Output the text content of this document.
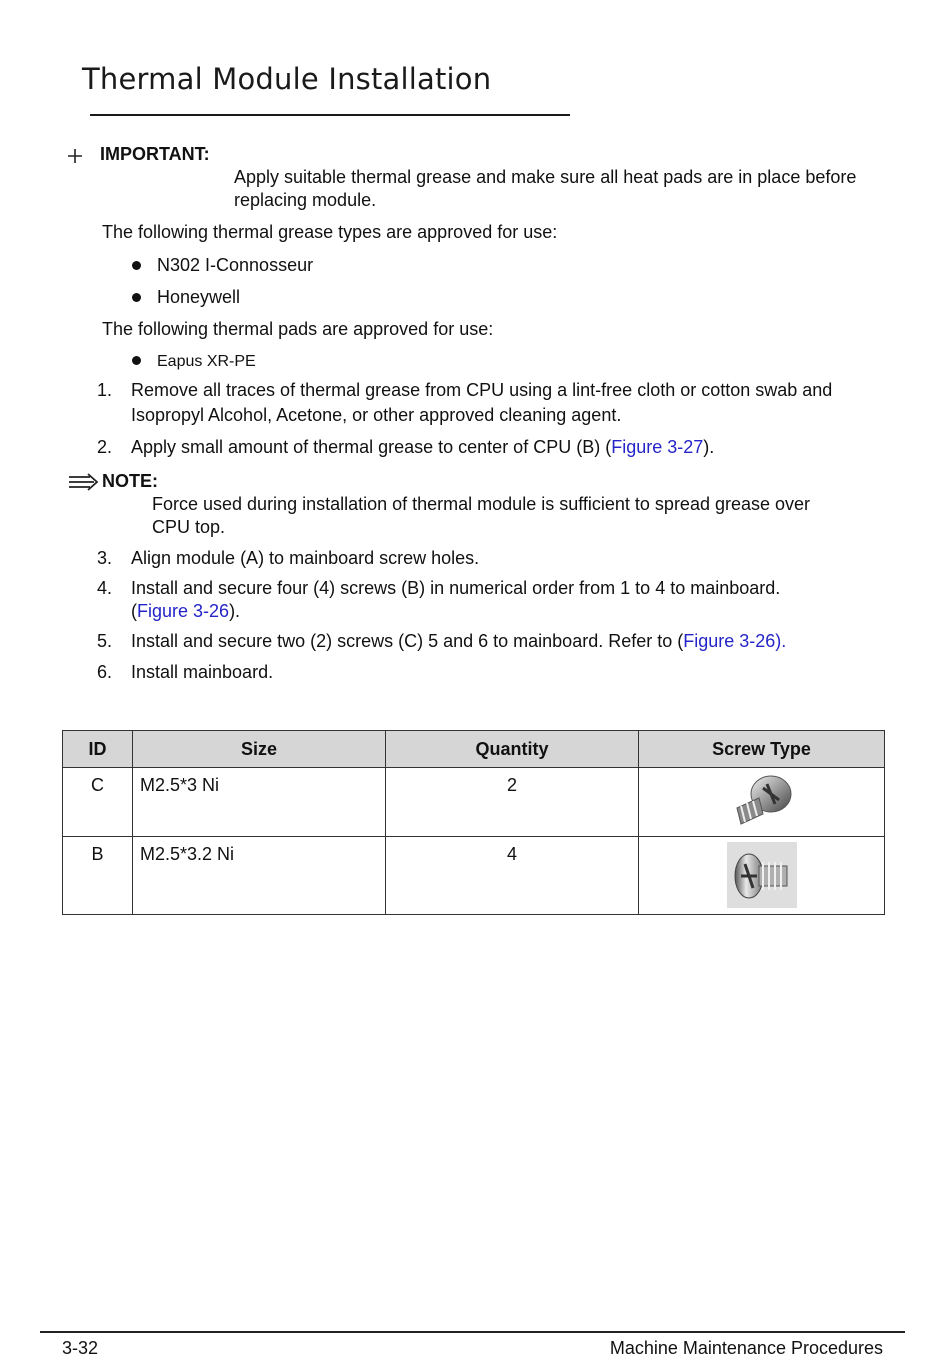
Thermal Module Installation
IMPORTANT:
Apply suitable thermal grease and make sure all heat pads are in place before
replacing module.
The following thermal grease types are approved for use:
N302 I-Connosseur
Honeywell
The following thermal pads are approved for use:
Eapus XR-PE
1. Remove all traces of thermal grease from CPU using a lint-free cloth or cotton swab and
Isopropyl Alcohol, Acetone, or other approved cleaning agent.
2. Apply small amount of thermal grease to center of CPU (B) (Figure 3-27).
NOTE:
Force used during installation of thermal module is sufficient to spread grease over
CPU top.
3. Align module (A) to mainboard screw holes.
4. Install and secure four (4) screws (B) in numerical order from 1 to 4 to mainboard.
(Figure 3-26).
5. Install and secure two (2) screws (C) 5 and 6 to mainboard. Refer to (Figure 3-26).
6. Install mainboard.
ID	Size	Quantity	Screw Type
C	M2.5*3 Ni	2	
B	M2.5*3.2 Ni	4	
3-32	Machine Maintenance Procedures
